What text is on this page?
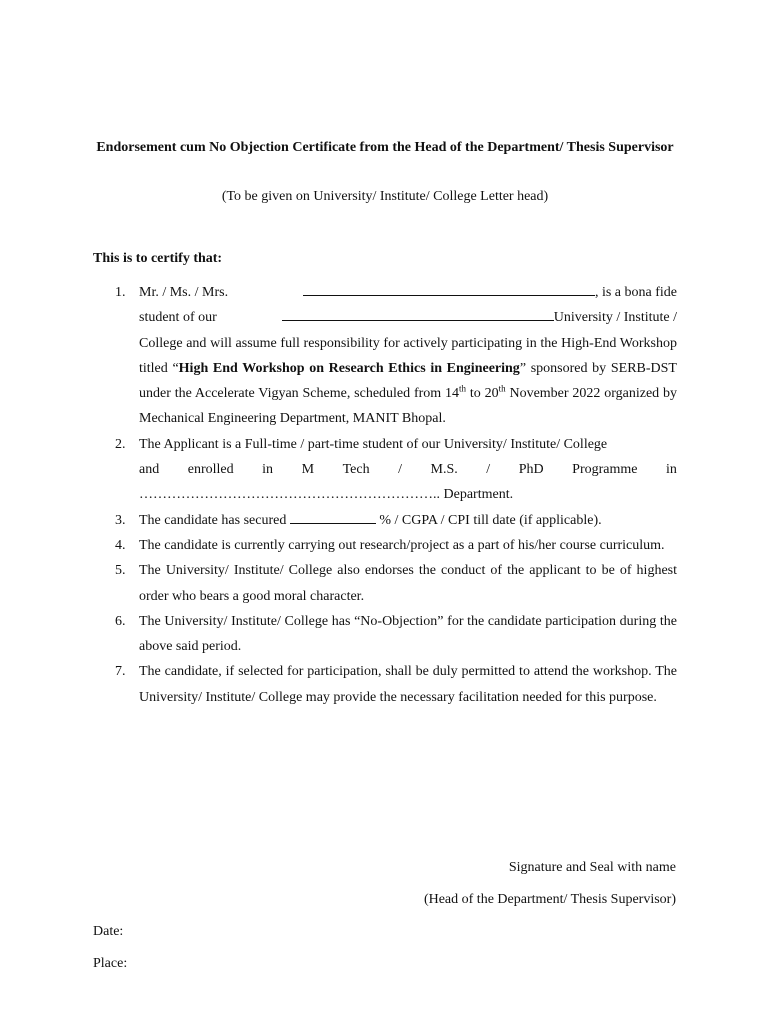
Endorsement cum No Objection Certificate from the Head of the Department/ Thesis Supervisor
(To be given on University/ Institute/ College Letter head)
This is to certify that:
1. Mr. / Ms. / Mrs.	, is a bona fide
student of our	University / Institute /
College and will assume full responsibility for actively participating in the High-End Workshop titled “High End Workshop on Research Ethics in Engineering” sponsored by SERB-DST under the Accelerate Vigyan Scheme, scheduled from 14th to 20th November 2022 organized by Mechanical Engineering Department, MANIT Bhopal.
2. The Applicant is a Full-time / part-time student of our University/ Institute/ College
and enrolled in M Tech / M.S. / PhD Programme in
……………………………………………………….. Department.
3. The candidate has secured	% / CGPA / CPI till date (if applicable).
4. The candidate is currently carrying out research/project as a part of his/her course curriculum.
5. The University/ Institute/ College also endorses the conduct of the applicant to be of highest order who bears a good moral character.
6. The University/ Institute/ College has “No-Objection” for the candidate participation during the above said period.
7. The candidate, if selected for participation, shall be duly permitted to attend the workshop. The University/ Institute/ College may provide the necessary facilitation needed for this purpose.
Signature and Seal with name
(Head of the Department/ Thesis Supervisor)
Date:
Place:
